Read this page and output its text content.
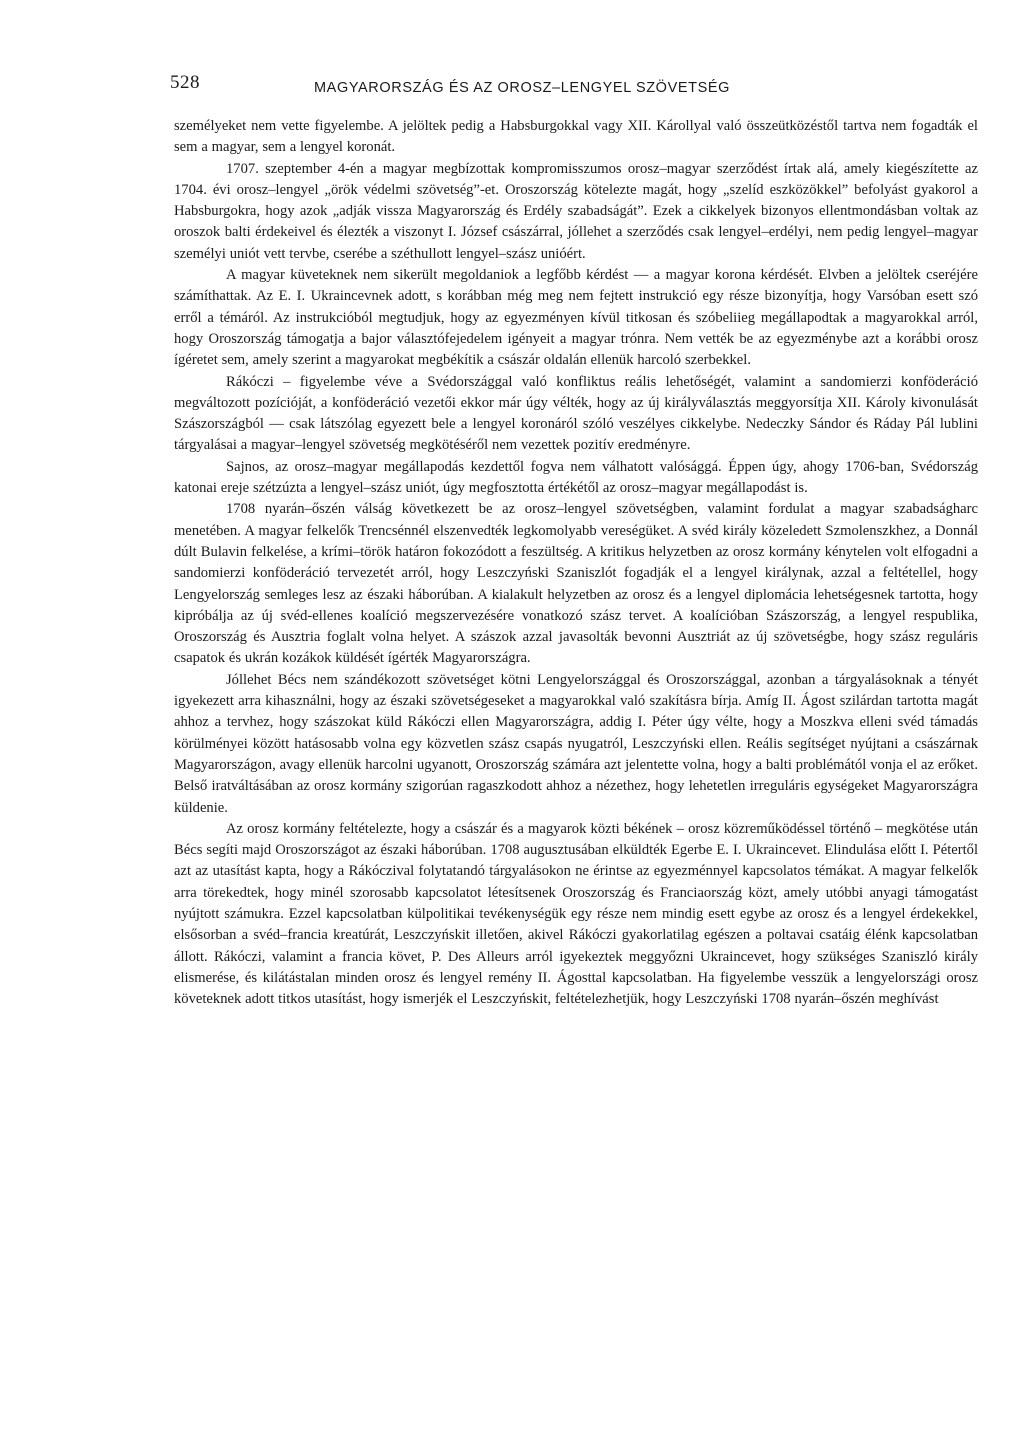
528	MAGYARORSZÁG ÉS AZ OROSZ–LENGYEL SZÖVETSÉG

személyeket nem vette figyelembe. A jelöltek pedig a Habsburgokkal vagy XII. Károllyal való összeütközéstől tartva nem fogadták el sem a magyar, sem a lengyel koronát.

1707. szeptember 4-én a magyar megbízottak kompromisszumos orosz–magyar szerződést írtak alá, amely kiegészítette az 1704. évi orosz–lengyel „örök védelmi szövetség”-et. Oroszország kötelezte magát, hogy „szelíd eszközökkel” befolyást gyakorol a Habsburgokra, hogy azok „adják vissza Magyarország és Erdély szabadságát”. Ezek a cikkelyek bizonyos ellentmondásban voltak az oroszok balti érdekeivel és élezték a viszonyt I. József császárral, jóllehet a szerződés csak lengyel–erdélyi, nem pedig lengyel–magyar személyi uniót vett tervbe, cserébe a széthullott lengyel–szász unióért.

A magyar küveteknek nem sikerült megoldaniok a legfőbb kérdést — a magyar korona kérdését. Elvben a jelöltek cseréjére számíthattak. Az E. I. Ukraincevnek adott, s korábban még meg nem fejtett instrukció egy része bizonyítja, hogy Varsóban esett szó erről a témáról. Az instrukcióból megtudjuk, hogy az egyezményen kívül titkosan és szóbeliieg megállapodtak a magyarokkal arról, hogy Oroszország támogatja a bajor választófejedelem igényeit a magyar trónra. Nem vették be az egyezménybe azt a korábbi orosz ígéretet sem, amely szerint a magyarokat megbékítik a császár oldalán ellenük harcoló szerbekkel.

Rákóczi – figyelembe véve a Svédországgal való konfliktus reális lehetőségét, valamint a sandomierzi konföderáció megváltozott pozícióját, a konföderáció vezetői ekkor már úgy vélték, hogy az új királyválasztás meggyorsítja XII. Károly kivonulását Szászországból — csak látszólag egyezett bele a lengyel koronáról szóló veszélyes cikkelybe. Nedeczky Sándor és Ráday Pál lublini tárgyalásai a magyar–lengyel szövetség megkötéséről nem vezettek pozitív eredményre.

Sajnos, az orosz–magyar megállapodás kezdettől fogva nem válhatott valósággá. Éppen úgy, ahogy 1706-ban, Svédország katonai ereje szétzúzta a lengyel–szász uniót, úgy megfosztotta értékétől az orosz–magyar megállapodást is.

1708 nyarán–őszén válság következett be az orosz–lengyel szövetségben, valamint fordulat a magyar szabadságharc menetében. A magyar felkelők Trencsénnél elszenvedték legkomolyabb vereségüket. A svéd király közeledett Szmolenszkhez, a Donnál dúlt Bulavin felkelése, a krími–török határon fokozódott a feszültség. A kritikus helyzetben az orosz kormány kénytelen volt elfogadni a sandomierzi konföderáció tervezetét arról, hogy Leszczyński Szaniszlót fogadják el a lengyel királynak, azzal a feltétellel, hogy Lengyelország semleges lesz az északi háborúban. A kialakult helyzetben az orosz és a lengyel diplomácia lehetségesnek tartotta, hogy kipróbálja az új svéd-ellenes koalíció megszervezésére vonatkozó szász tervet. A koalícióban Szászország, a lengyel respublika, Oroszország és Ausztria foglalt volna helyet. A szászok azzal javasolták bevonni Ausztriát az új szövetségbe, hogy szász reguláris csapatok és ukrán kozákok küldését ígérték Magyarországra.

Jóllehet Bécs nem szándékozott szövetséget kötni Lengyelországgal és Oroszországgal, azonban a tárgyalásoknak a tényét igyekezett arra kihasználni, hogy az északi szövetségeseket a magyarokkal való szakításra bírja. Amíg II. Ágost szilárdan tartotta magát ahhoz a tervhez, hogy szászokat küld Rákóczi ellen Magyarországra, addig I. Péter úgy vélte, hogy a Moszkva elleni svéd támadás körülményei között hatásosabb volna egy közvetlen szász csapás nyugatról, Leszczyński ellen. Reális segítséget nyújtani a császárnak Magyarországon, avagy ellenük harcolni ugyanott, Oroszország számára azt jelentette volna, hogy a balti problémától vonja el az erőket. Belső iratváltásában az orosz kormány szigorúan ragaszkodott ahhoz a nézethez, hogy lehetetlen irreguláris egységeket Magyarországra küldenie.

Az orosz kormány feltételezte, hogy a császár és a magyarok közti békének – orosz közreműködéssel történő – megkötése után Bécs segíti majd Oroszországot az északi háborúban. 1708 augusztusában elküldték Egerbe E. I. Ukraincevet. Elindulása előtt I. Pétertől azt az utasítást kapta, hogy a Rákóczival folytatandó tárgyalásokon ne érintse az egyezménnyel kapcsolatos témákat. A magyar felkelők arra törekedtek, hogy minél szorosabb kapcsolatot létesítsenek Oroszország és Franciaország közt, amely utóbbi anyagi támogatást nyújtott számukra. Ezzel kapcsolatban külpolitikai tevékenységük egy része nem mindig esett egybe az orosz és a lengyel érdekekkel, elsősorban a svéd–francia kreatúrát, Leszczyńskit illetően, akivel Rákóczi gyakorlatilag egészen a poltavai csatáig élénk kapcsolatban állott. Rákóczi, valamint a francia követ, P. Des Alleurs arról igyekeztek meggyőzni Ukraincevet, hogy szükséges Szaniszló király elismerése, és kilátástalan minden orosz és lengyel remény II. Ágosttal kapcsolatban. Ha figyelembe vesszük a lengyelországi orosz követeknek adott titkos utasítást, hogy ismerjék el Leszczyńskit, feltételezhetjük, hogy Leszczyński 1708 nyarán–őszén meghívást
